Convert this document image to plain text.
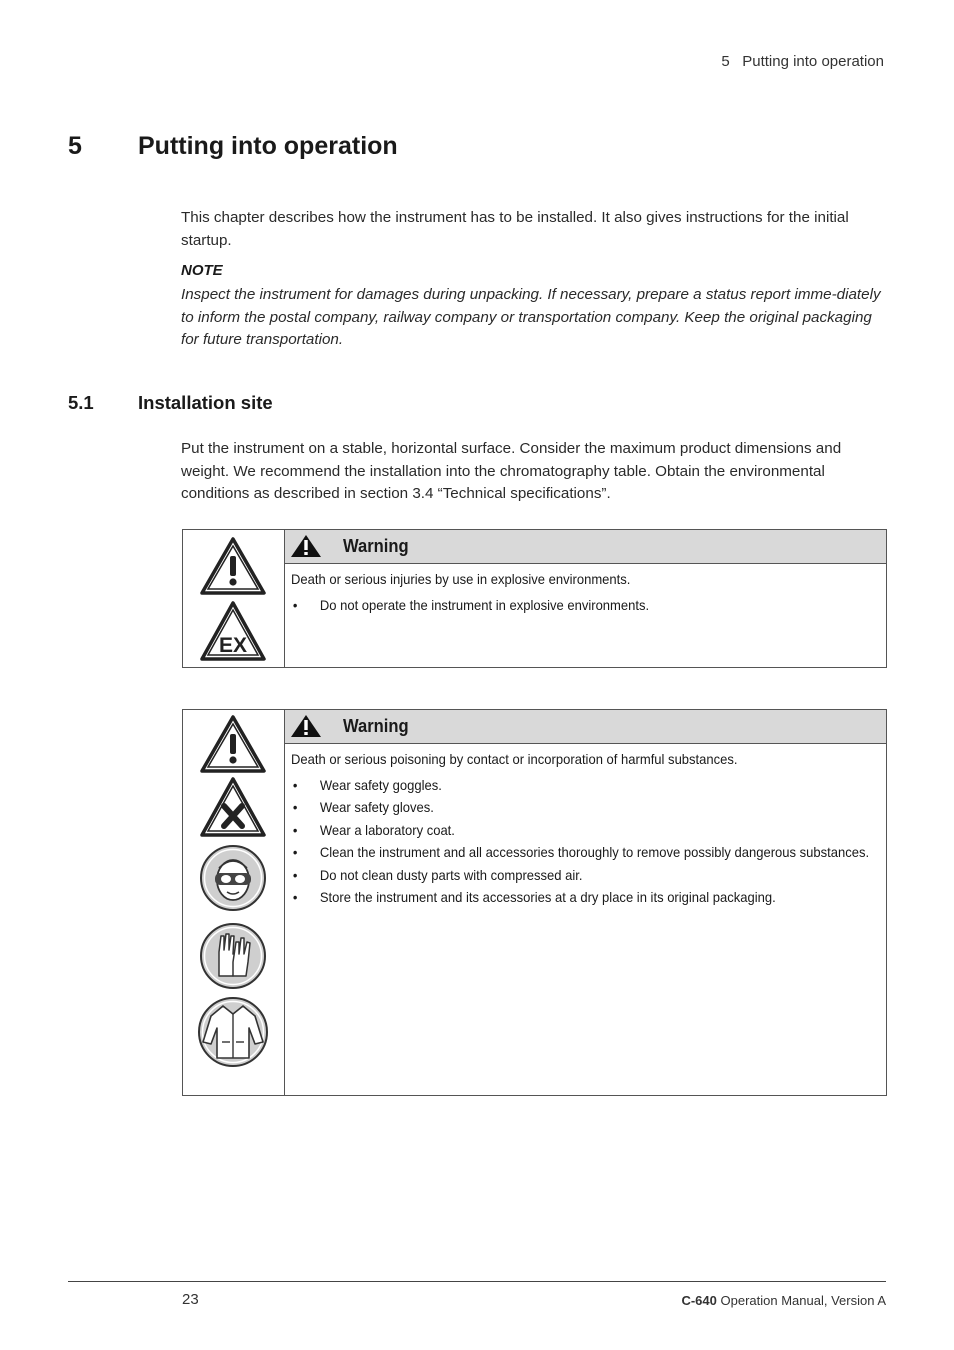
5   Putting into operation
5 Putting into operation
This chapter describes how the instrument has to be installed. It also gives instructions for the initial startup.
NOTE
Inspect the instrument for damages during unpacking. If necessary, prepare a status report imme-diately to inform the postal company, railway company or transportation company. Keep the original packaging for future transportation.
5.1 Installation site
Put the instrument on a stable, horizontal surface. Consider the maximum product dimensions and weight. We recommend the installation into the chromatography table. Obtain the environmental conditions as described in section 3.4 “Technical specifications”.
EX
Warning
Death or serious injuries by use in explosive environments.
• Do not operate the instrument in explosive environments.
Warning
Death or serious poisoning by contact or incorporation of harmful substances.
• Wear safety goggles.
• Wear safety gloves.
• Wear a laboratory coat.
• Clean the instrument and all accessories thoroughly to remove possibly dangerous substances.
• Do not clean dusty parts with compressed air.
• Store the instrument and its accessories at a dry place in its original packaging.
23	C-640 Operation Manual, Version A
